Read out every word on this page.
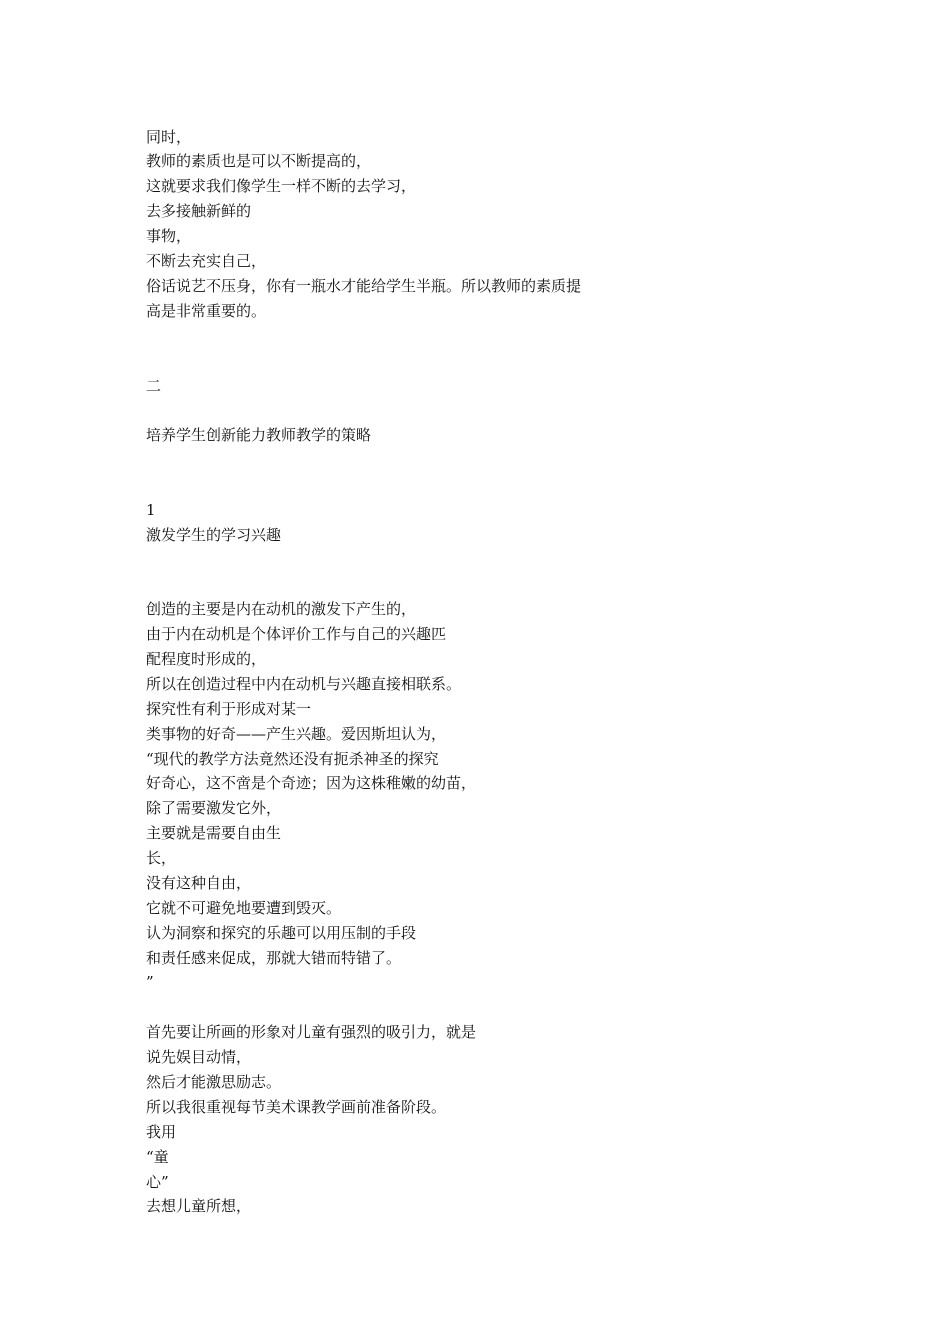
同时，
教师的素质也是可以不断提高的，
这就要求我们像学生一样不断的去学习，
去多接触新鲜的
事物，
不断去充实自己，
俗话说艺不压身，你有一瓶水才能给学生半瓶。所以教师的素质提
高是非常重要的。
二
培养学生创新能力教师教学的策略
1
激发学生的学习兴趣
创造的主要是内在动机的激发下产生的，
由于内在动机是个体评价工作与自己的兴趣匹
配程度时形成的，
所以在创造过程中内在动机与兴趣直接相联系。
探究性有利于形成对某一
类事物的好奇——产生兴趣。爱因斯坦认为，
“现代的教学方法竟然还没有扼杀神圣的探究
好奇心，这不啻是个奇迹；因为这株稚嫩的幼苗，
除了需要激发它外，
主要就是需要自由生
长，
没有这种自由，
它就不可避免地要遭到毁灭。
认为洞察和探究的乐趣可以用压制的手段
和责任感来促成，那就大错而特错了。
”
首先要让所画的形象对儿童有强烈的吸引力，就是
说先娱目动情，
然后才能激思励志。
所以我很重视每节美术课教学画前准备阶段。
我用
“童
心”
去想儿童所想，
